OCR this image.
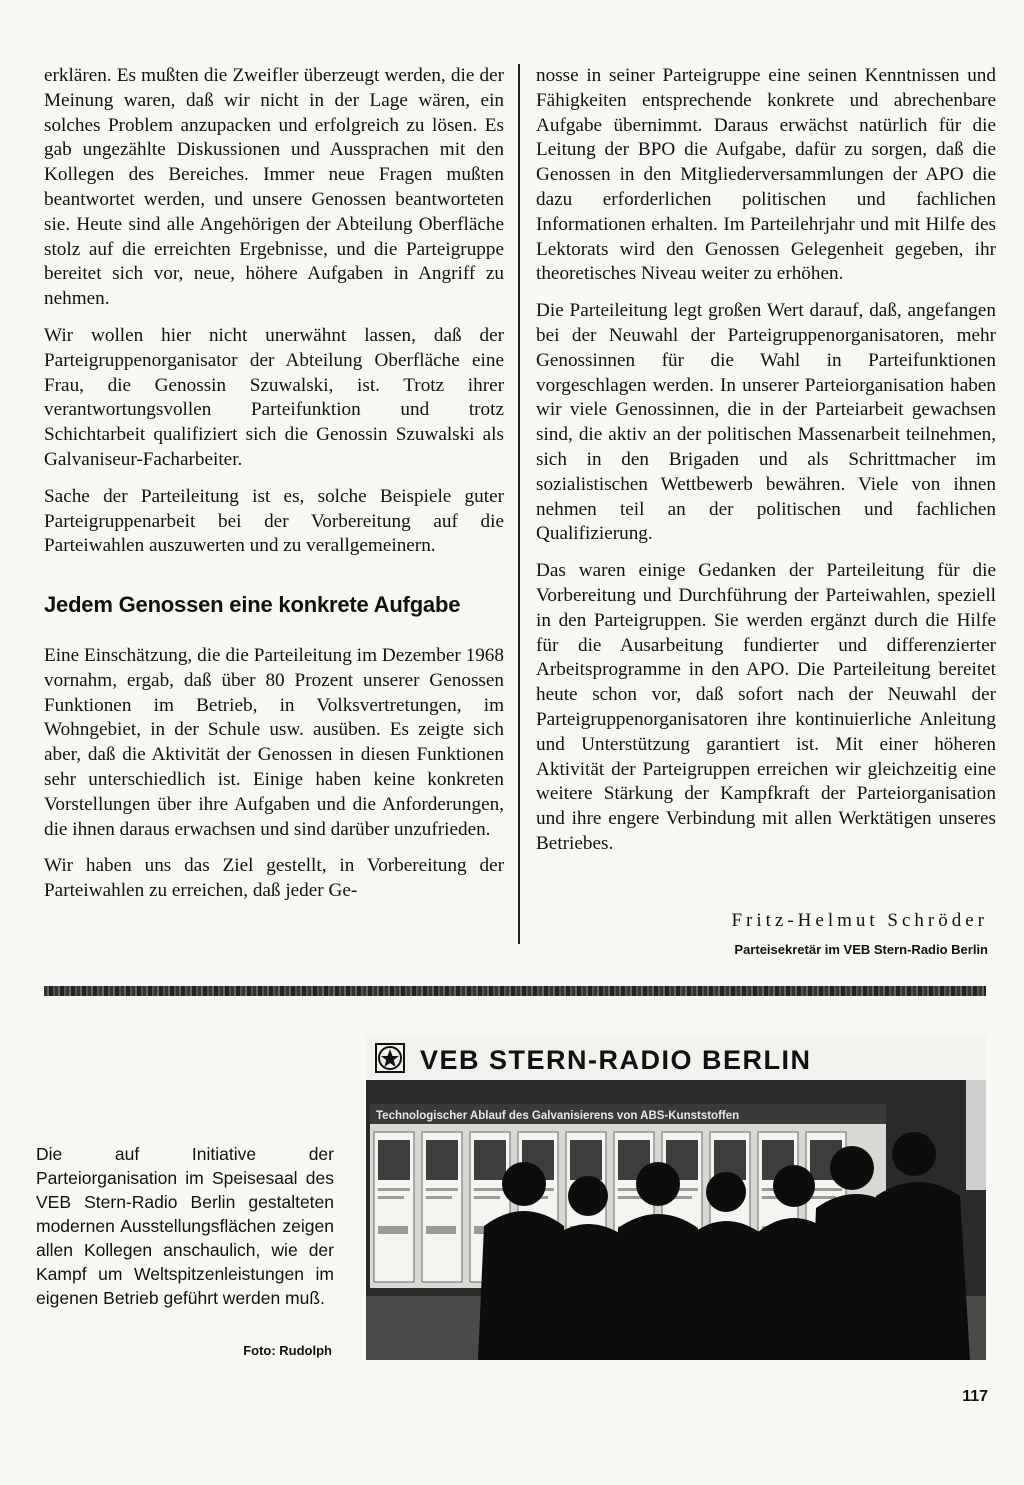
erklären. Es mußten die Zweifler überzeugt werden, die der Meinung waren, daß wir nicht in der Lage wären, ein solches Problem anzupacken und erfolgreich zu lösen. Es gab ungezählte Diskussionen und Aussprachen mit den Kollegen des Bereiches. Immer neue Fragen mußten beantwortet werden, und unsere Genossen beantworteten sie. Heute sind alle Angehörigen der Abteilung Oberfläche stolz auf die erreichten Ergebnisse, und die Parteigruppe bereitet sich vor, neue, höhere Aufgaben in Angriff zu nehmen.

Wir wollen hier nicht unerwähnt lassen, daß der Parteigruppenorganisator der Abteilung Oberfläche eine Frau, die Genossin Szuwalski, ist. Trotz ihrer verantwortungsvollen Parteifunktion und trotz Schichtarbeit qualifiziert sich die Genossin Szuwalski als Galvaniseur-Facharbeiter.

Sache der Parteileitung ist es, solche Beispiele guter Parteigruppenarbeit bei der Vorbereitung auf die Parteiwahlen auszuwerten und zu verallgemeinern.

Jedem Genossen eine konkrete Aufgabe

Eine Einschätzung, die die Parteileitung im Dezember 1968 vornahm, ergab, daß über 80 Prozent unserer Genossen Funktionen im Betrieb, in Volksvertretungen, im Wohngebiet, in der Schule usw. ausüben. Es zeigte sich aber, daß die Aktivität der Genossen in diesen Funktionen sehr unterschiedlich ist. Einige haben keine konkreten Vorstellungen über ihre Aufgaben und die Anforderungen, die ihnen daraus erwachsen und sind darüber unzufrieden.

Wir haben uns das Ziel gestellt, in Vorbereitung der Parteiwahlen zu erreichen, daß jeder Ge-

nosse in seiner Parteigruppe eine seinen Kenntnissen und Fähigkeiten entsprechende konkrete und abrechenbare Aufgabe übernimmt. Daraus erwächst natürlich für die Leitung der BPO die Aufgabe, dafür zu sorgen, daß die Genossen in den Mitgliederversammlungen der APO die dazu erforderlichen politischen und fachlichen Informationen erhalten. Im Parteilehrjahr und mit Hilfe des Lektorats wird den Genossen Gelegenheit gegeben, ihr theoretisches Niveau weiter zu erhöhen.

Die Parteileitung legt großen Wert darauf, daß, angefangen bei der Neuwahl der Parteigruppenorganisatoren, mehr Genossinnen für die Wahl in Parteifunktionen vorgeschlagen werden. In unserer Parteiorganisation haben wir viele Genossinnen, die in der Parteiarbeit gewachsen sind, die aktiv an der politischen Massenarbeit teilnehmen, sich in den Brigaden und als Schrittmacher im sozialistischen Wettbewerb bewähren. Viele von ihnen nehmen teil an der politischen und fachlichen Qualifizierung.

Das waren einige Gedanken der Parteileitung für die Vorbereitung und Durchführung der Parteiwahlen, speziell in den Parteigruppen. Sie werden ergänzt durch die Hilfe für die Ausarbeitung fundierter und differenzierter Arbeitsprogramme in den APO. Die Parteileitung bereitet heute schon vor, daß sofort nach der Neuwahl der Parteigruppenorganisatoren ihre kontinuierliche Anleitung und Unterstützung garantiert ist. Mit einer höheren Aktivität der Parteigruppen erreichen wir gleichzeitig eine weitere Stärkung der Kampfkraft der Parteiorganisation und ihre engere Verbindung mit allen Werktätigen unseres Betriebes.

Fritz-Helmut Schröder
Parteisekretär im VEB Stern-Radio Berlin
VEB STERN-RADIO BERLIN
Technologischer Ablauf des Galvanisierens von ABS-Kunststoffen
Die auf Initiative der Parteiorganisation im Speisesaal des VEB Stern-Radio Berlin gestalteten modernen Ausstellungsflächen zeigen allen Kollegen anschaulich, wie der Kampf um Weltspitzenleistungen im eigenen Betrieb geführt werden muß.
Foto: Rudolph
117
